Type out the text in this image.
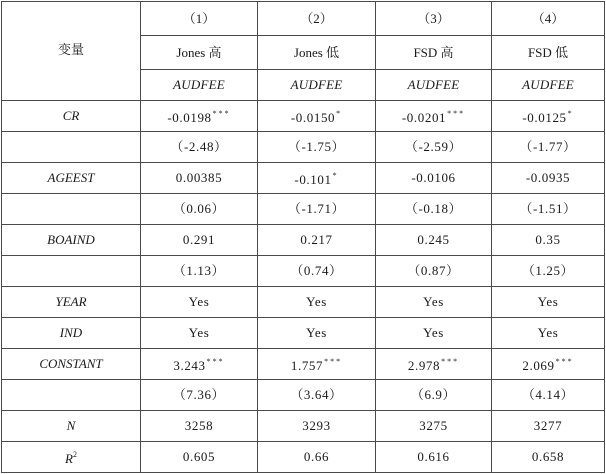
变量	（1）	（2）	（3）	（4）
	Jones 高	Jones 低	FSD 高	FSD 低
	AUDFEE	AUDFEE	AUDFEE	AUDFEE
CR	-0.0198***	-0.0150*	-0.0201***	-0.0125*
	（-2.48）	（-1.75）	（-2.59）	（-1.77）
AGEEST	0.00385	-0.101*	-0.0106	-0.0935
	（0.06）	（-1.71）	（-0.18）	（-1.51）
BOAIND	0.291	0.217	0.245	0.35
	（1.13）	（0.74）	（0.87）	（1.25）
YEAR	Yes	Yes	Yes	Yes
IND	Yes	Yes	Yes	Yes
CONSTANT	3.243***	1.757***	2.978***	2.069***
	（7.36）	（3.64）	（6.9）	（4.14）
N	3258	3293	3275	3277
$R^2$	0.605	0.66	0.616	0.658
